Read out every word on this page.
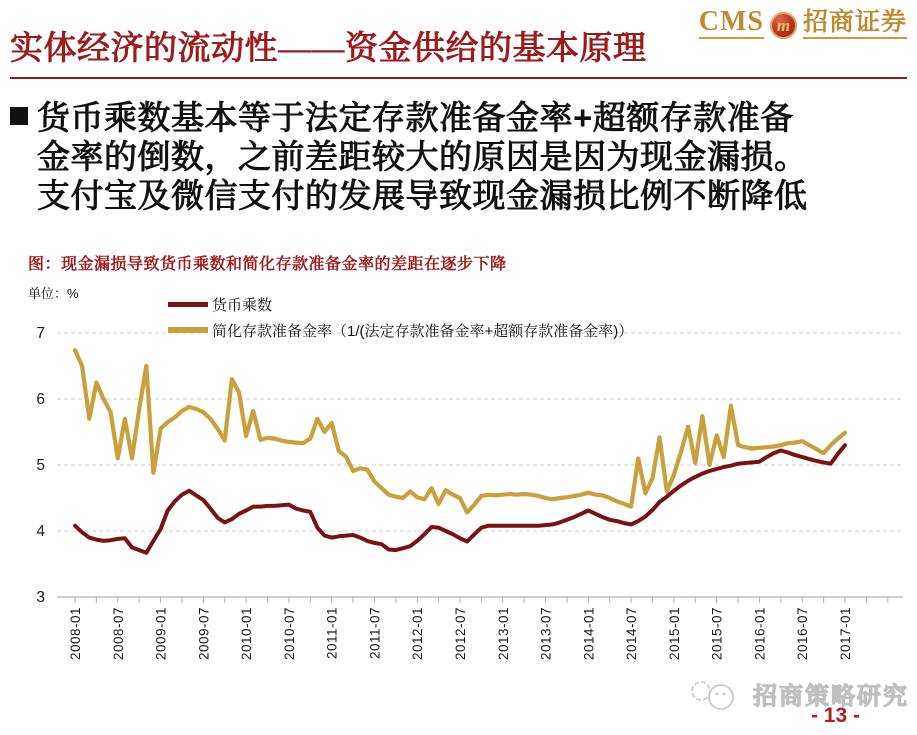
3
4
5
6
7
2008-01 2008-07 2009-01 2009-07 2010-01 2010-07 2011-01 2011-07 2012-01 2012-07 2013-01 2013-07 2014-01 2014-07 2015-01 2015-07 2016-01 2016-07 2017-01
CMS m 招商证券
实体经济的流动性——资金供给的基本原理
货币乘数基本等于法定存款准备金率+超额存款准备
金率的倒数，之前差距较大的原因是因为现金漏损。
支付宝及微信支付的发展导致现金漏损比例不断降低
图：现金漏损导致货币乘数和简化存款准备金率的差距在逐步下降
单位：%
货币乘数
简化存款准备金率（1/(法定存款准备金率+超额存款准备金率)）
招商策略研究
- 13 -
